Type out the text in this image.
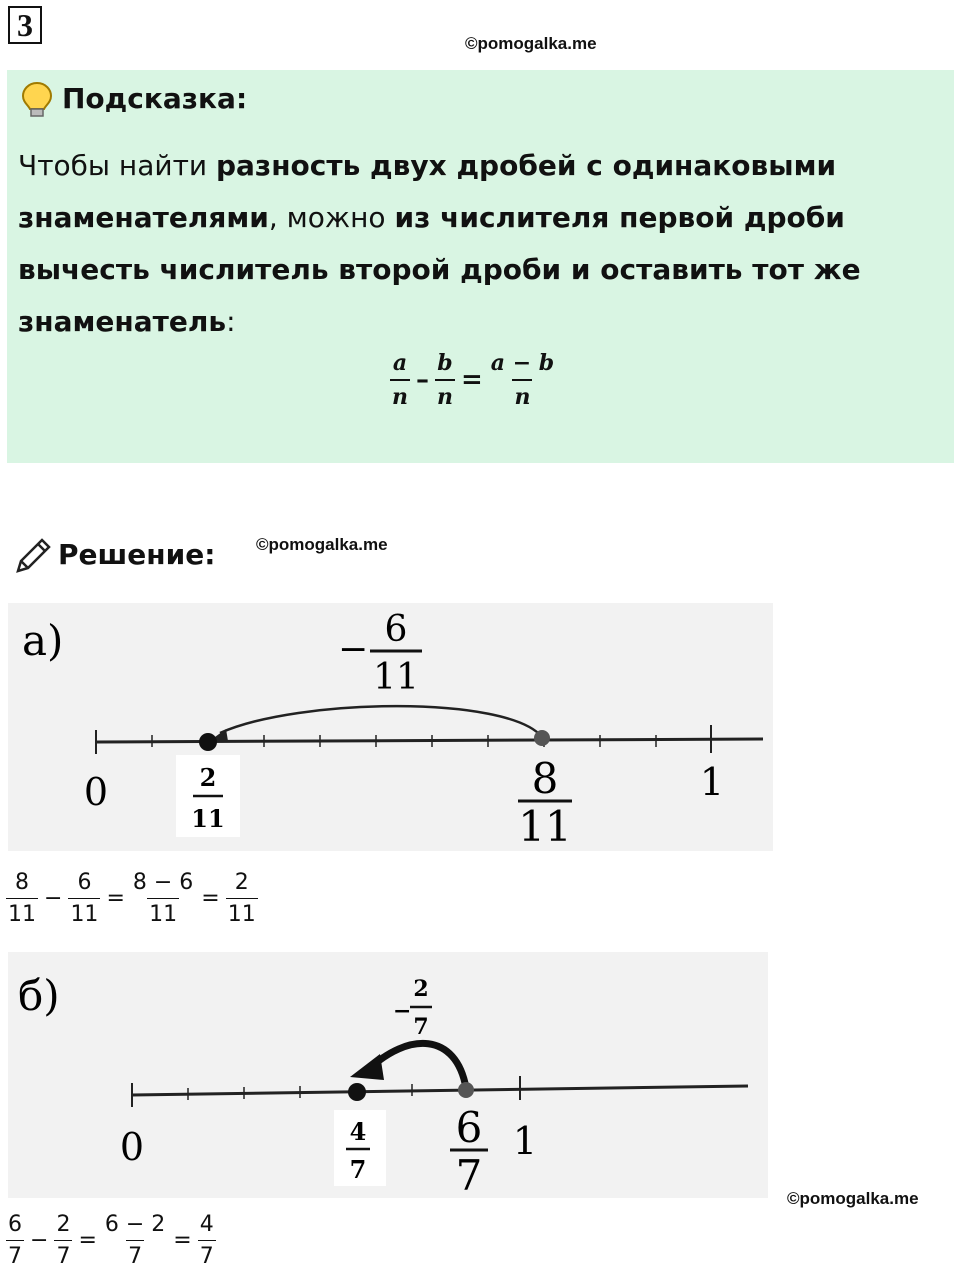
3
©pomogalka.me
Подсказка:
Чтобы найти разность двух дробей с одинаковыми знаменателями, можно из числителя первой дроби вычесть числитель второй дроби и оставить тот же знаменатель:
$\frac{a}{n} - \frac{b}{n} = \frac{a - b}{n}$
Решение: ©pomogalka.me
а)	− 6
11
0	1
2
11
8
11
$\frac{8}{11} - \frac{6}{11} = \frac{8 - 6}{11} = \frac{2}{11}$
б)	−
2
7
0	1
4
7
6
7	©pomogalka.me
$\frac{6}{7} - \frac{2}{7} = \frac{6 - 2}{7} = \frac{4}{7}$
